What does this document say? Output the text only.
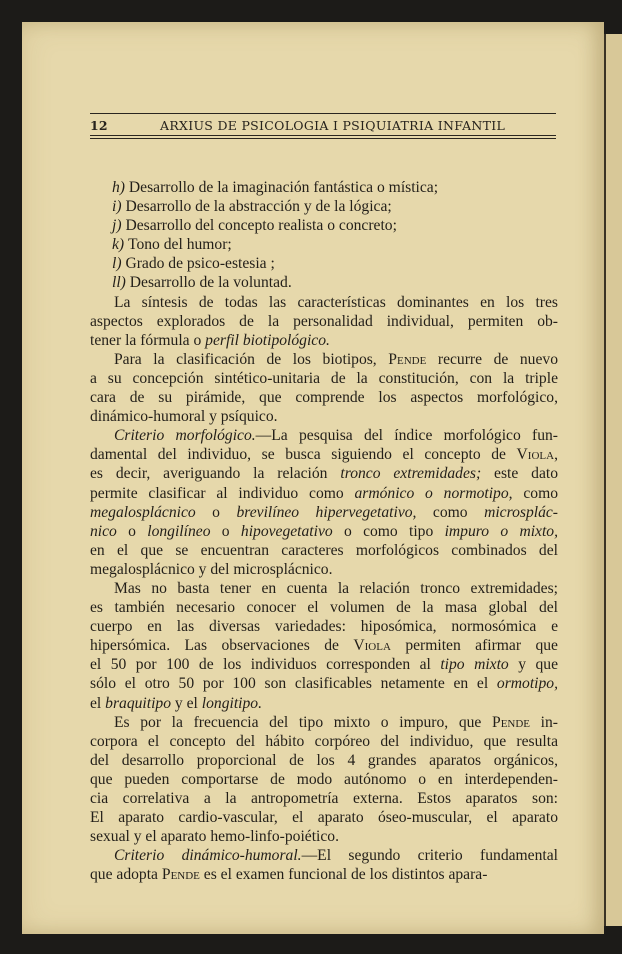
12	ARXIUS DE PSICOLOGIA I PSIQUIATRIA INFANTIL
h) Desarrollo de la imaginación fantástica o mística;
i) Desarrollo de la abstracción y de la lógica;
j) Desarrollo del concepto realista o concreto;
k) Tono del humor;
l) Grado de psico-estesia ;
ll) Desarrollo de la voluntad.
La síntesis de todas las características dominantes en los tres
aspectos explorados de la personalidad individual, permiten ob-
tener la fórmula o perfil biotipológico.
Para la clasificación de los biotipos, Pende recurre de nuevo
a su concepción sintético-unitaria de la constitución, con la triple
cara de su pirámide, que comprende los aspectos morfológico,
dinámico-humoral y psíquico.
Criterio morfológico.—La pesquisa del índice morfológico fun-
damental del individuo, se busca siguiendo el concepto de Viola,
es decir, averiguando la relación tronco extremidades; este dato
permite clasificar al individuo como armónico o normotipo, como
megalosplácnico o brevilíneo hipervegetativo, como microsplác-
nico o longilíneo o hipovegetativo o como tipo impuro o mixto,
en el que se encuentran caracteres morfológicos combinados del
megalosplácnico y del microsplácnico.
Mas no basta tener en cuenta la relación tronco extremidades;
es también necesario conocer el volumen de la masa global del
cuerpo en las diversas variedades: hiposómica, normosómica e
hipersómica. Las observaciones de Viola permiten afirmar que
el 50 por 100 de los individuos corresponden al tipo mixto y que
sólo el otro 50 por 100 son clasificables netamente en el ormotipo,
el braquitipo y el longitipo.
Es por la frecuencia del tipo mixto o impuro, que Pende in-
corpora el concepto del hábito corpóreo del individuo, que resulta
del desarrollo proporcional de los 4 grandes aparatos orgánicos,
que pueden comportarse de modo autónomo o en interdependen-
cia correlativa a la antropometría externa. Estos aparatos son:
El aparato cardio-vascular, el aparato óseo-muscular, el aparato
sexual y el aparato hemo-linfo-poiético.
Criterio dinámico-humoral.—El segundo criterio fundamental
que adopta Pende es el examen funcional de los distintos apara-
